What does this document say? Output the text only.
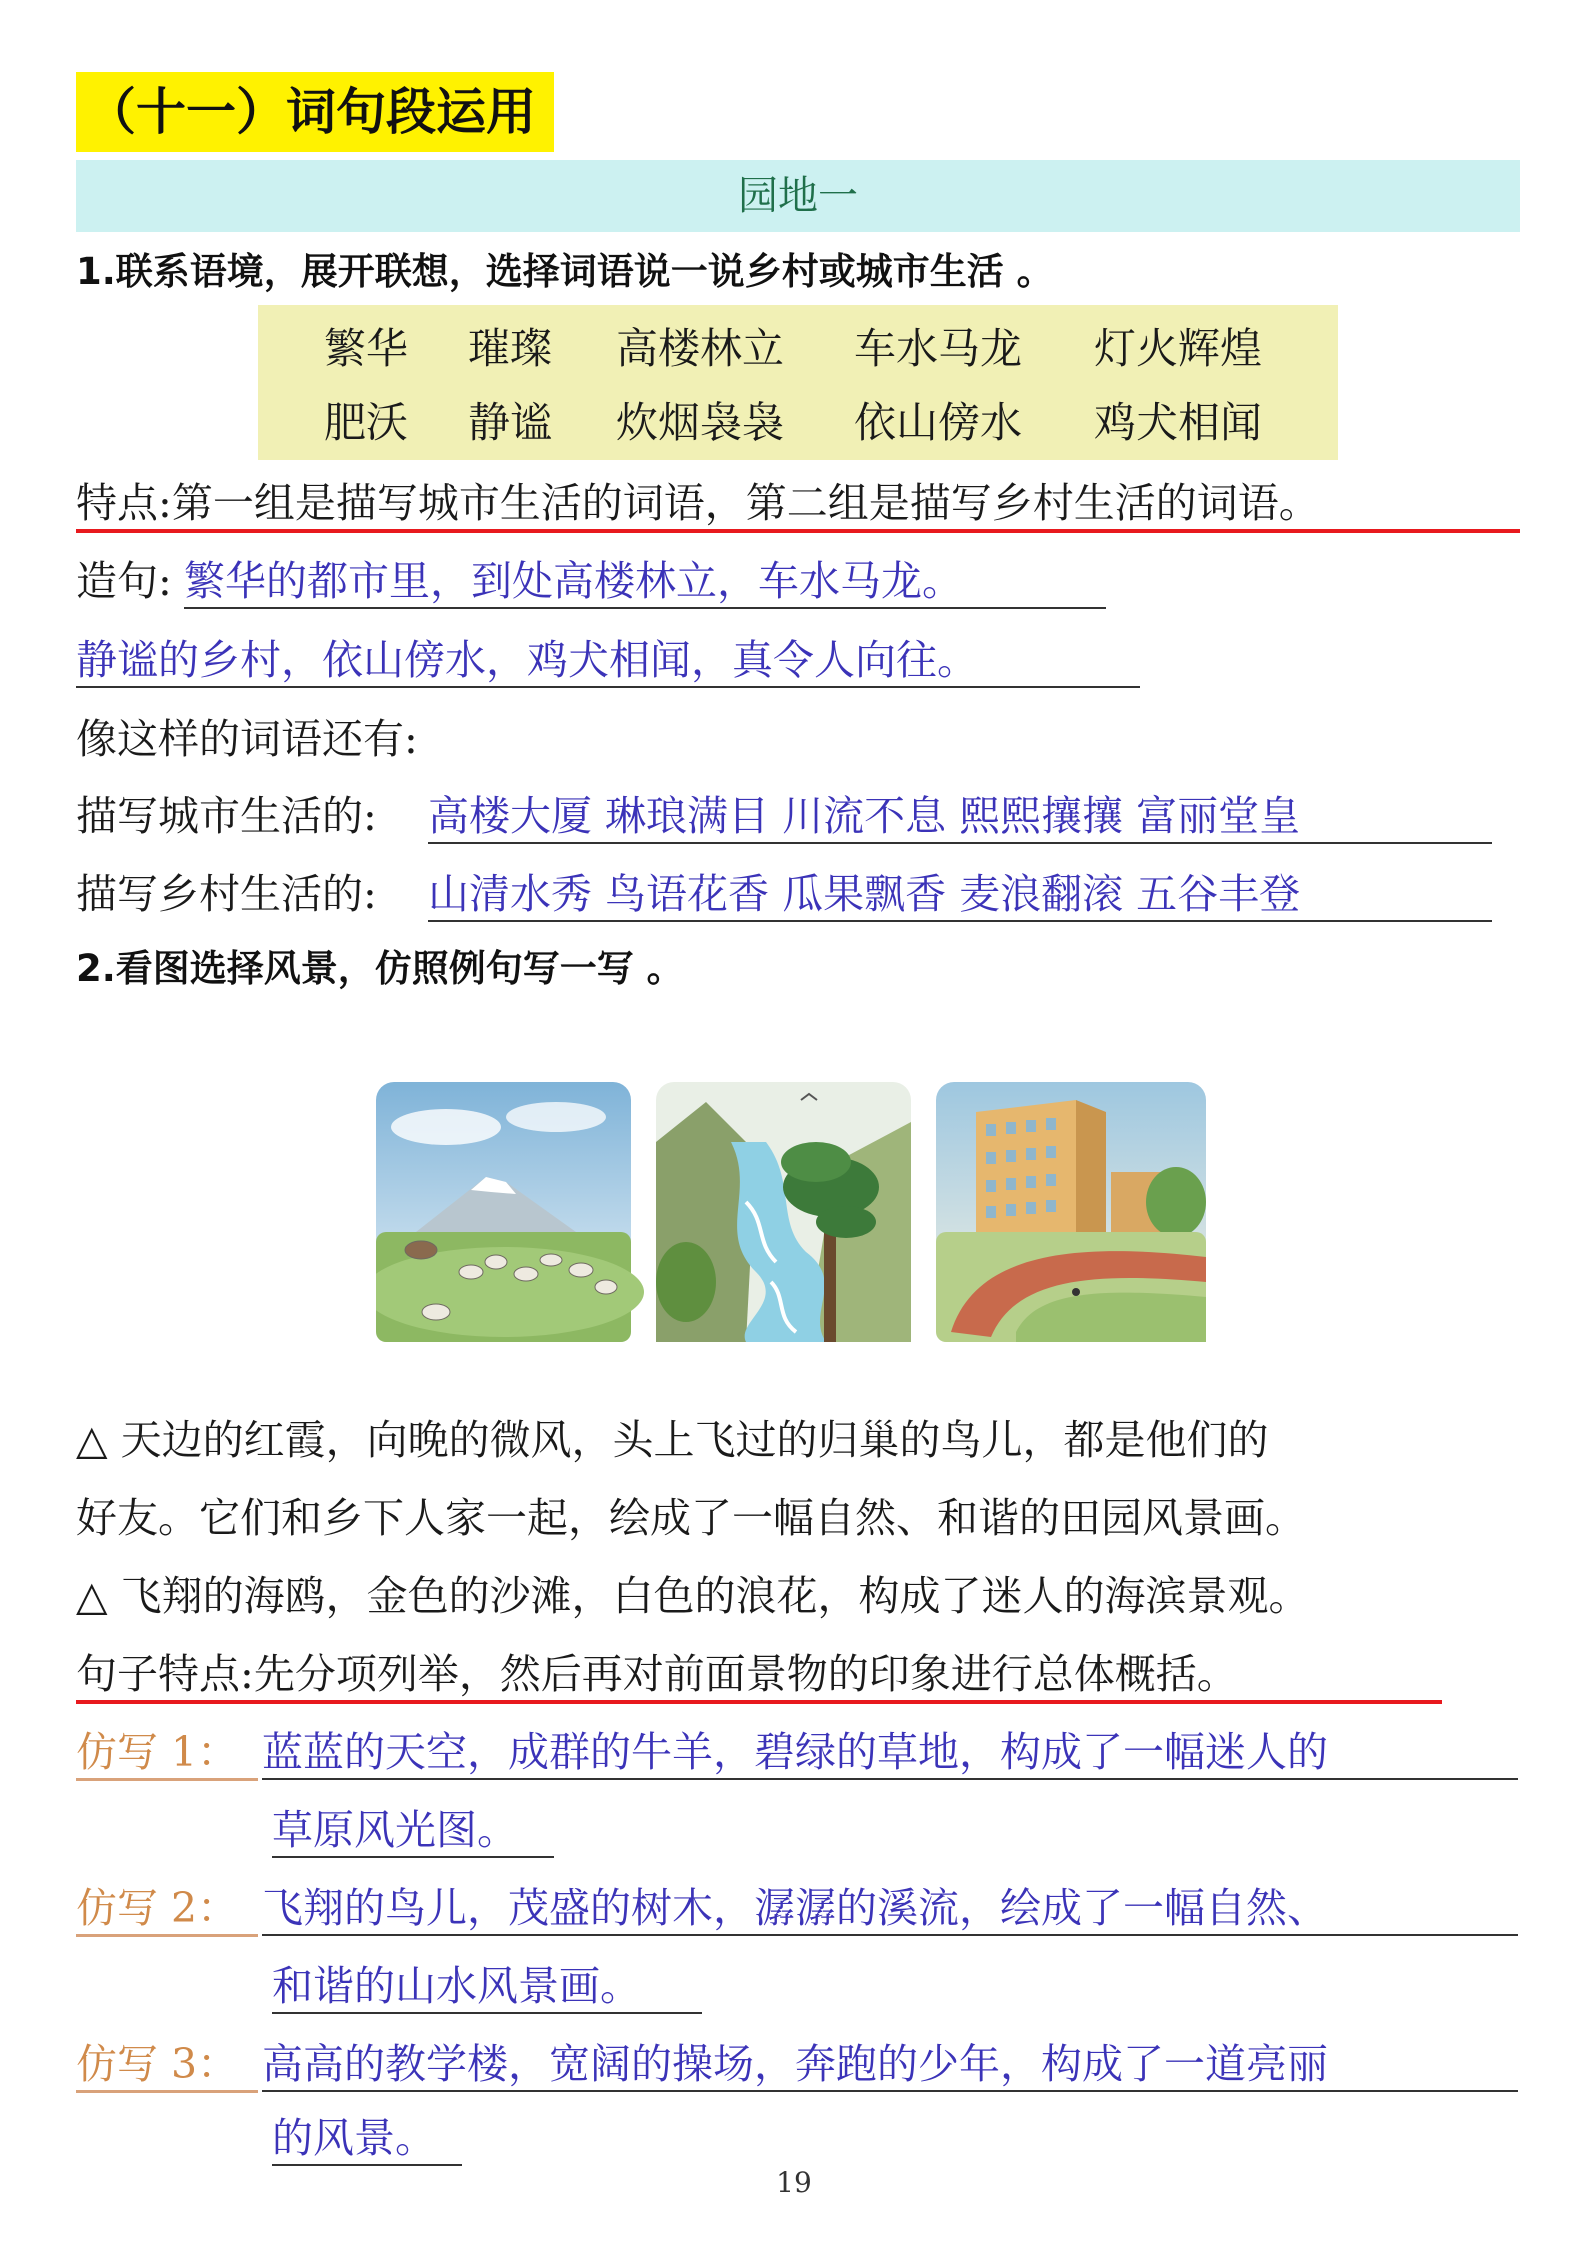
（十一）词句段运用
园地一
1.联系语境，展开联想，选择词语说一说乡村或城市生活 。
繁华 璀璨 高楼林立 车水马龙 灯火辉煌
肥沃 静谧 炊烟袅袅 依山傍水 鸡犬相闻
特点:第一组是描写城市生活的词语，第二组是描写乡村生活的词语。
造句: 繁华的都市里，到处高楼林立，车水马龙。
静谧的乡村，依山傍水，鸡犬相闻，真令人向往。
像这样的词语还有:
描写城市生活的: 高楼大厦 琳琅满目 川流不息 熙熙攘攘 富丽堂皇
描写乡村生活的: 山清水秀 鸟语花香 瓜果飘香 麦浪翻滚 五谷丰登
2.看图选择风景，仿照例句写一写 。
△ 天边的红霞，向晚的微风，头上飞过的归巢的鸟儿，都是他们的
好友。它们和乡下人家一起，绘成了一幅自然、和谐的田园风景画。
△ 飞翔的海鸥，金色的沙滩，白色的浪花，构成了迷人的海滨景观。
句子特点:先分项列举，然后再对前面景物的印象进行总体概括。
仿写 1： 蓝蓝的天空，成群的牛羊，碧绿的草地，构成了一幅迷人的
草原风光图。
仿写 2： 飞翔的鸟儿，茂盛的树木，潺潺的溪流，绘成了一幅自然、
和谐的山水风景画。
仿写 3： 高高的教学楼，宽阔的操场，奔跑的少年，构成了一道亮丽
的风景。
19
